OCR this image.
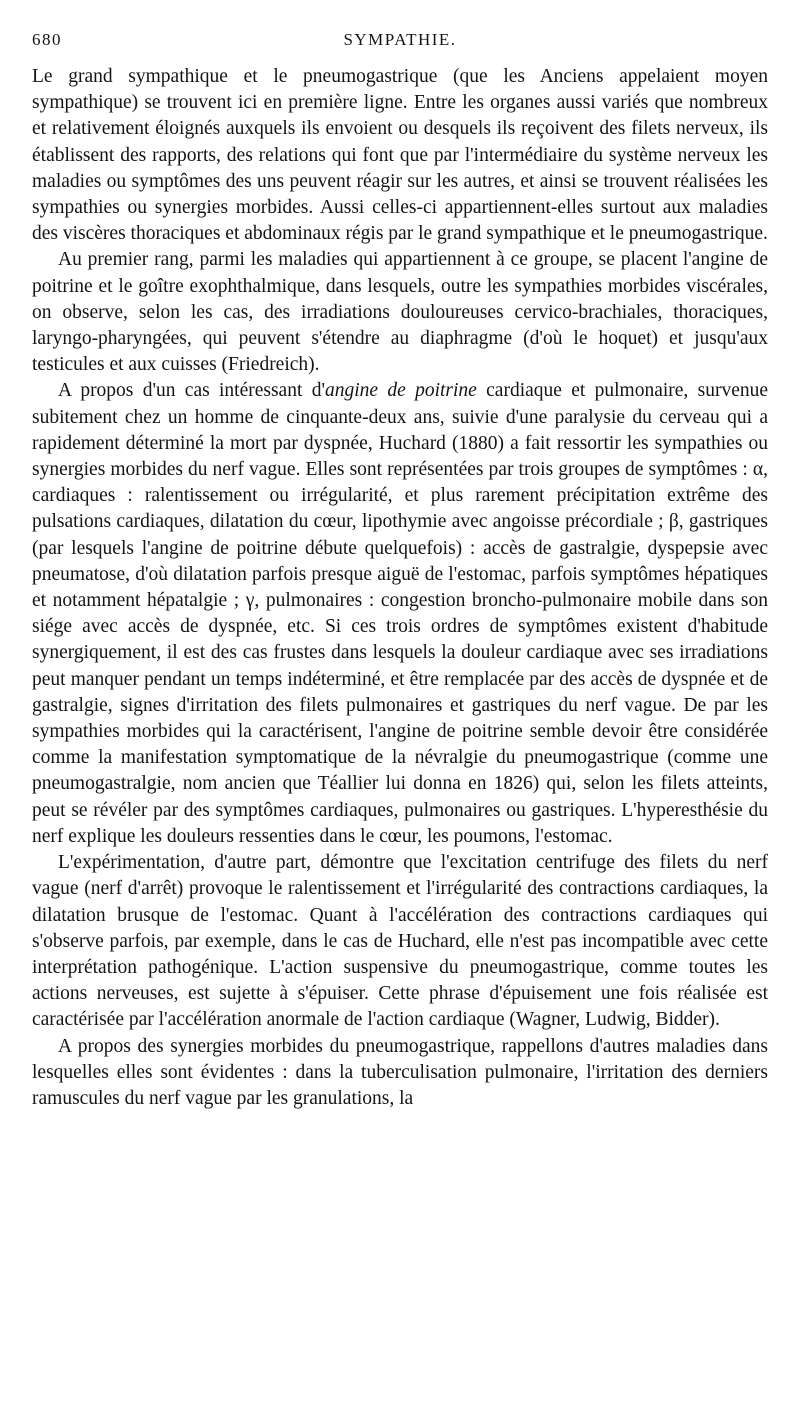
680	SYMPATHIE.

Le grand sympathique et le pneumogastrique (que les Anciens appelaient moyen sympathique) se trouvent ici en première ligne. Entre les organes aussi variés que nombreux et relativement éloignés auxquels ils envoient ou desquels ils reçoivent des filets nerveux, ils établissent des rapports, des relations qui font que par l'intermédiaire du système nerveux les maladies ou symptômes des uns peuvent réagir sur les autres, et ainsi se trouvent réalisées les sympathies ou synergies morbides. Aussi celles-ci appartiennent-elles surtout aux maladies des viscères thoraciques et abdominaux régis par le grand sympathique et le pneumogastrique.

Au premier rang, parmi les maladies qui appartiennent à ce groupe, se placent l'angine de poitrine et le goître exophthalmique, dans lesquels, outre les sympathies morbides viscérales, on observe, selon les cas, des irradiations douloureuses cervico-brachiales, thoraciques, laryngo-pharyngées, qui peuvent s'étendre au diaphragme (d'où le hoquet) et jusqu'aux testicules et aux cuisses (Friedreich).

A propos d'un cas intéressant d'angine de poitrine cardiaque et pulmonaire, survenue subitement chez un homme de cinquante-deux ans, suivie d'une paralysie du cerveau qui a rapidement déterminé la mort par dyspnée, Huchard (1880) a fait ressortir les sympathies ou synergies morbides du nerf vague. Elles sont représentées par trois groupes de symptômes : α, cardiaques : ralentissement ou irrégularité, et plus rarement précipitation extrême des pulsations cardiaques, dilatation du cœur, lipothymie avec angoisse précordiale ; β, gastriques (par lesquels l'angine de poitrine débute quelquefois) : accès de gastralgie, dyspepsie avec pneumatose, d'où dilatation parfois presque aiguë de l'estomac, parfois symptômes hépatiques et notamment hépatalgie ; γ, pulmonaires : congestion broncho-pulmonaire mobile dans son siége avec accès de dyspnée, etc. Si ces trois ordres de symptômes existent d'habitude synergiquement, il est des cas frustes dans lesquels la douleur cardiaque avec ses irradiations peut manquer pendant un temps indéterminé, et être remplacée par des accès de dyspnée et de gastralgie, signes d'irritation des filets pulmonaires et gastriques du nerf vague. De par les sympathies morbides qui la caractérisent, l'angine de poitrine semble devoir être considérée comme la manifestation symptomatique de la névralgie du pneumogastrique (comme une pneumogastralgie, nom ancien que Téallier lui donna en 1826) qui, selon les filets atteints, peut se révéler par des symptômes cardiaques, pulmonaires ou gastriques. L'hyperesthésie du nerf explique les douleurs ressenties dans le cœur, les poumons, l'estomac.

L'expérimentation, d'autre part, démontre que l'excitation centrifuge des filets du nerf vague (nerf d'arrêt) provoque le ralentissement et l'irrégularité des contractions cardiaques, la dilatation brusque de l'estomac. Quant à l'accélération des contractions cardiaques qui s'observe parfois, par exemple, dans le cas de Huchard, elle n'est pas incompatible avec cette interprétation pathogénique. L'action suspensive du pneumogastrique, comme toutes les actions nerveuses, est sujette à s'épuiser. Cette phrase d'épuisement une fois réalisée est caractérisée par l'accélération anormale de l'action cardiaque (Wagner, Ludwig, Bidder).

A propos des synergies morbides du pneumogastrique, rappellons d'autres maladies dans lesquelles elles sont évidentes : dans la tuberculisation pulmonaire, l'irritation des derniers ramuscules du nerf vague par les granulations, la
